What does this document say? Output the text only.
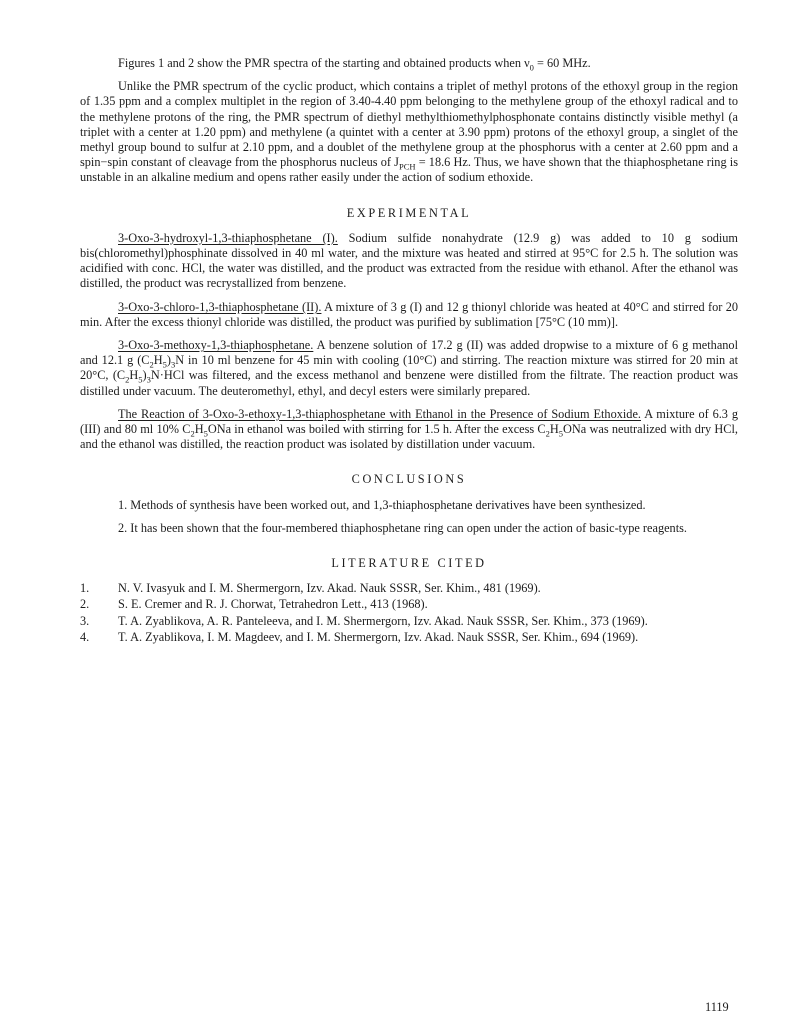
Figures 1 and 2 show the PMR spectra of the starting and obtained products when $\nu_0 = 60$ MHz.

Unlike the PMR spectrum of the cyclic product, which contains a triplet of methyl protons of the ethoxyl group in the region of 1.35 ppm and a complex multiplet in the region of 3.40-4.40 ppm belonging to the methylene group of the ethoxyl radical and to the methylene protons of the ring, the PMR spectrum of diethyl methylthiomethylphosphonate contains distinctly visible methyl (a triplet with a center at 1.20 ppm) and methylene (a quintet with a center at 3.90 ppm) protons of the ethoxyl group, a singlet of the methyl group bound to sulfur at 2.10 ppm, and a doublet of the methylene group at the phosphorus with a center at 2.60 ppm and a spin−spin constant of cleavage from the phosphorus nucleus of $J_{PCH} = 18.6$ Hz. Thus, we have shown that the thiaphosphetane ring is unstable in an alkaline medium and opens rather easily under the action of sodium ethoxide.

EXPERIMENTAL

3-Oxo-3-hydroxyl-1,3-thiaphosphetane (I). Sodium sulfide nonahydrate (12.9 g) was added to 10 g sodium bis(chloromethyl)phosphinate dissolved in 40 ml water, and the mixture was heated and stirred at 95°C for 2.5 h. The solution was acidified with conc. HCl, the water was distilled, and the product was extracted from the residue with ethanol. After the ethanol was distilled, the product was recrystallized from benzene.

3-Oxo-3-chloro-1,3-thiaphosphetane (II). A mixture of 3 g (I) and 12 g thionyl chloride was heated at 40°C and stirred for 20 min. After the excess thionyl chloride was distilled, the product was purified by sublimation [75°C (10 mm)].

3-Oxo-3-methoxy-1,3-thiaphosphetane. A benzene solution of 17.2 g (II) was added dropwise to a mixture of 6 g methanol and 12.1 g $(C_2H_5)_3N$ in 10 ml benzene for 45 min with cooling (10°C) and stirring. The reaction mixture was stirred for 20 min at 20°C, $(C_2H_5)_3N\cdot HCl$ was filtered, and the excess methanol and benzene were distilled from the filtrate. The reaction product was distilled under vacuum. The deuteromethyl, ethyl, and decyl esters were similarly prepared.

The Reaction of 3-Oxo-3-ethoxy-1,3-thiaphosphetane with Ethanol in the Presence of Sodium Ethoxide. A mixture of 6.3 g (III) and 80 ml 10% $C_2H_5ONa$ in ethanol was boiled with stirring for 1.5 h. After the excess $C_2H_5ONa$ was neutralized with dry HCl, and the ethanol was distilled, the reaction product was isolated by distillation under vacuum.

CONCLUSIONS

1. Methods of synthesis have been worked out, and 1,3-thiaphosphetane derivatives have been synthesized.

2. It has been shown that the four-membered thiaphosphetane ring can open under the action of basic-type reagents.

LITERATURE CITED
1.	N. V. Ivasyuk and I. M. Shermergorn, Izv. Akad. Nauk SSSR, Ser. Khim., 481 (1969).
2.	S. E. Cremer and R. J. Chorwat, Tetrahedron Lett., 413 (1968).
3.	T. A. Zyablikova, A. R. Panteleeva, and I. M. Shermergorn, Izv. Akad. Nauk SSSR, Ser. Khim., 373 (1969).
4.	T. A. Zyablikova, I. M. Magdeev, and I. M. Shermergorn, Izv. Akad. Nauk SSSR, Ser. Khim., 694 (1969).
1119
